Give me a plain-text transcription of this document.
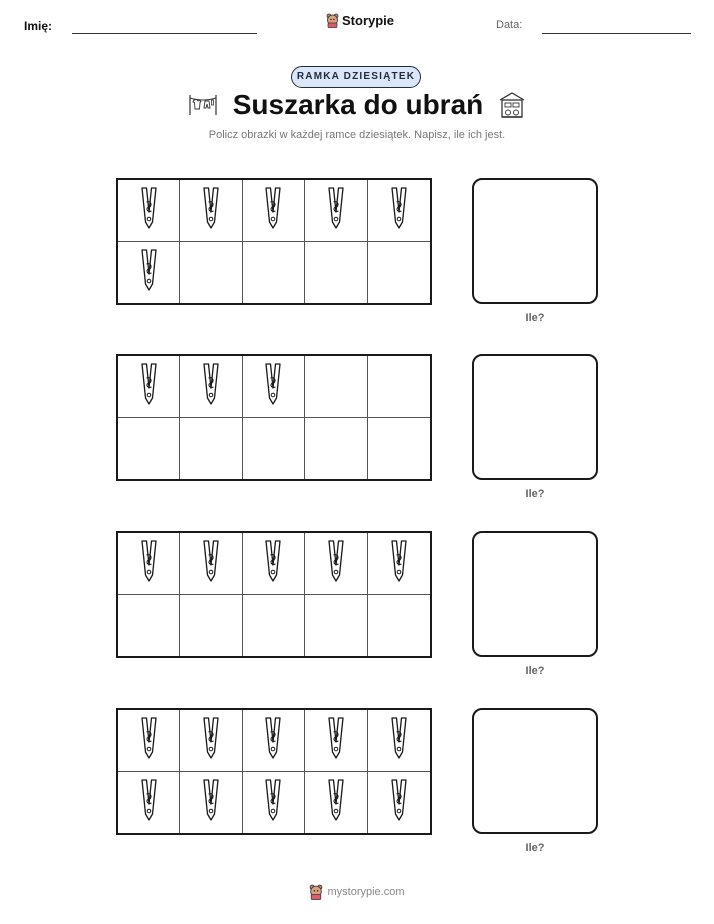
Imię:	Storypie	Data:
RAMKA DZIESIĄTEK
Suszarka do ubrań
Policz obrazki w każdej ramce dziesiątek. Napisz, ile ich jest.
Ile?
Ile?
Ile?
Ile?
mystorypie.com
